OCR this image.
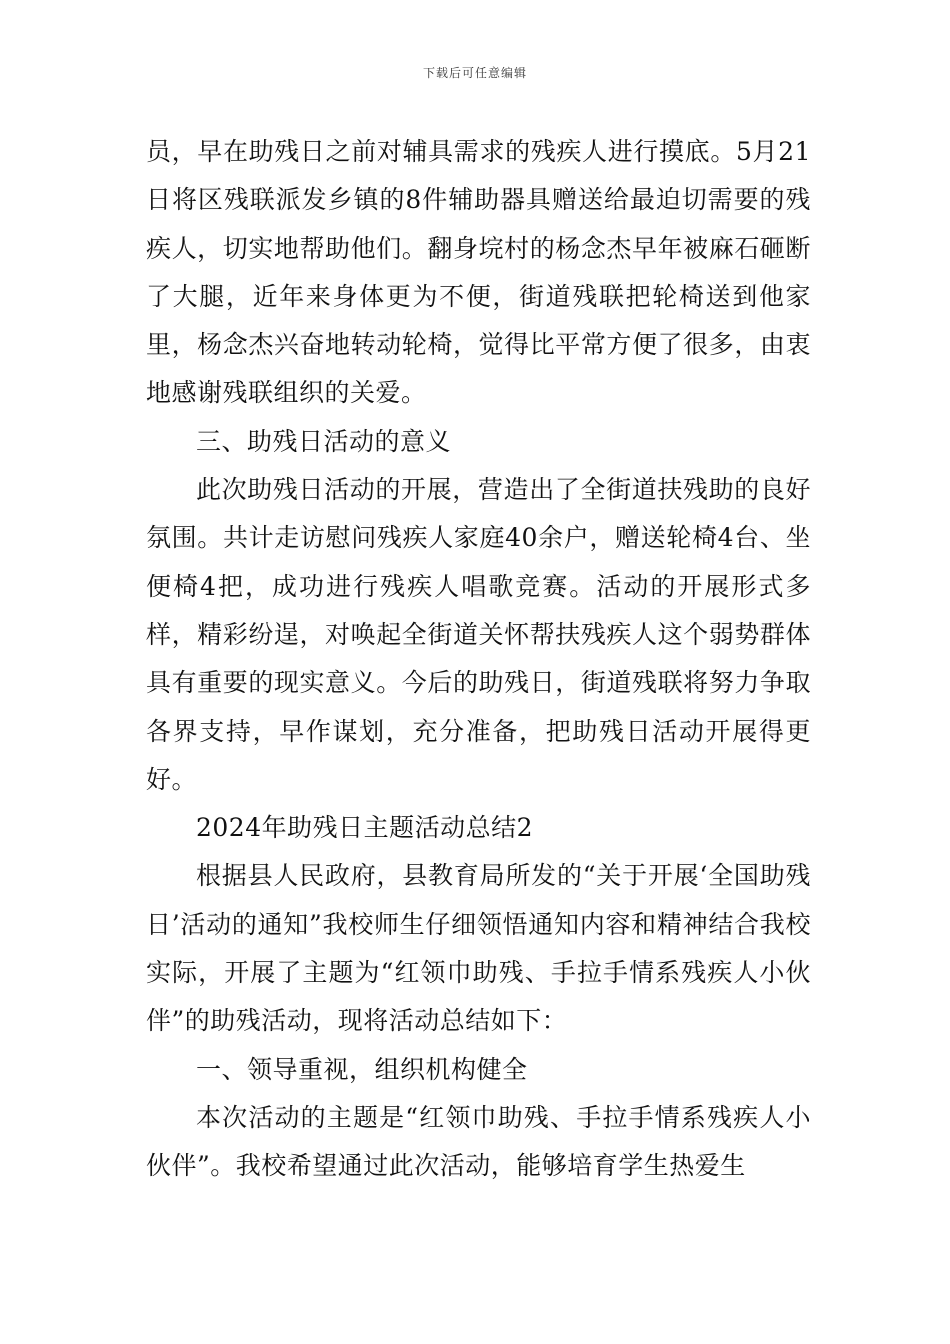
下载后可任意编辑

员，早在助残日之前对辅具需求的残疾人进行摸底。5月21日将区残联派发乡镇的8件辅助器具赠送给最迫切需要的残疾人，切实地帮助他们。翻身垸村的杨念杰早年被麻石砸断了大腿，近年来身体更为不便，街道残联把轮椅送到他家里，杨念杰兴奋地转动轮椅，觉得比平常方便了很多，由衷地感谢残联组织的关爱。

三、助残日活动的意义

此次助残日活动的开展，营造出了全街道扶残助的良好氛围。共计走访慰问残疾人家庭40余户，赠送轮椅4台、坐便椅4把，成功进行残疾人唱歌竞赛。活动的开展形式多样，精彩纷逞，对唤起全街道关怀帮扶残疾人这个弱势群体具有重要的现实意义。今后的助残日，街道残联将努力争取各界支持，早作谋划，充分准备，把助残日活动开展得更好。

2024年助残日主题活动总结2

根据县人民政府，县教育局所发的“关于开展‘全国助残日’活动的通知”我校师生仔细领悟通知内容和精神结合我校实际，开展了主题为“红领巾助残、手拉手情系残疾人小伙伴”的助残活动，现将活动总结如下：

一、领导重视，组织机构健全

本次活动的主题是“红领巾助残、手拉手情系残疾人小伙伴”。我校希望通过此次活动，能够培育学生热爱生
